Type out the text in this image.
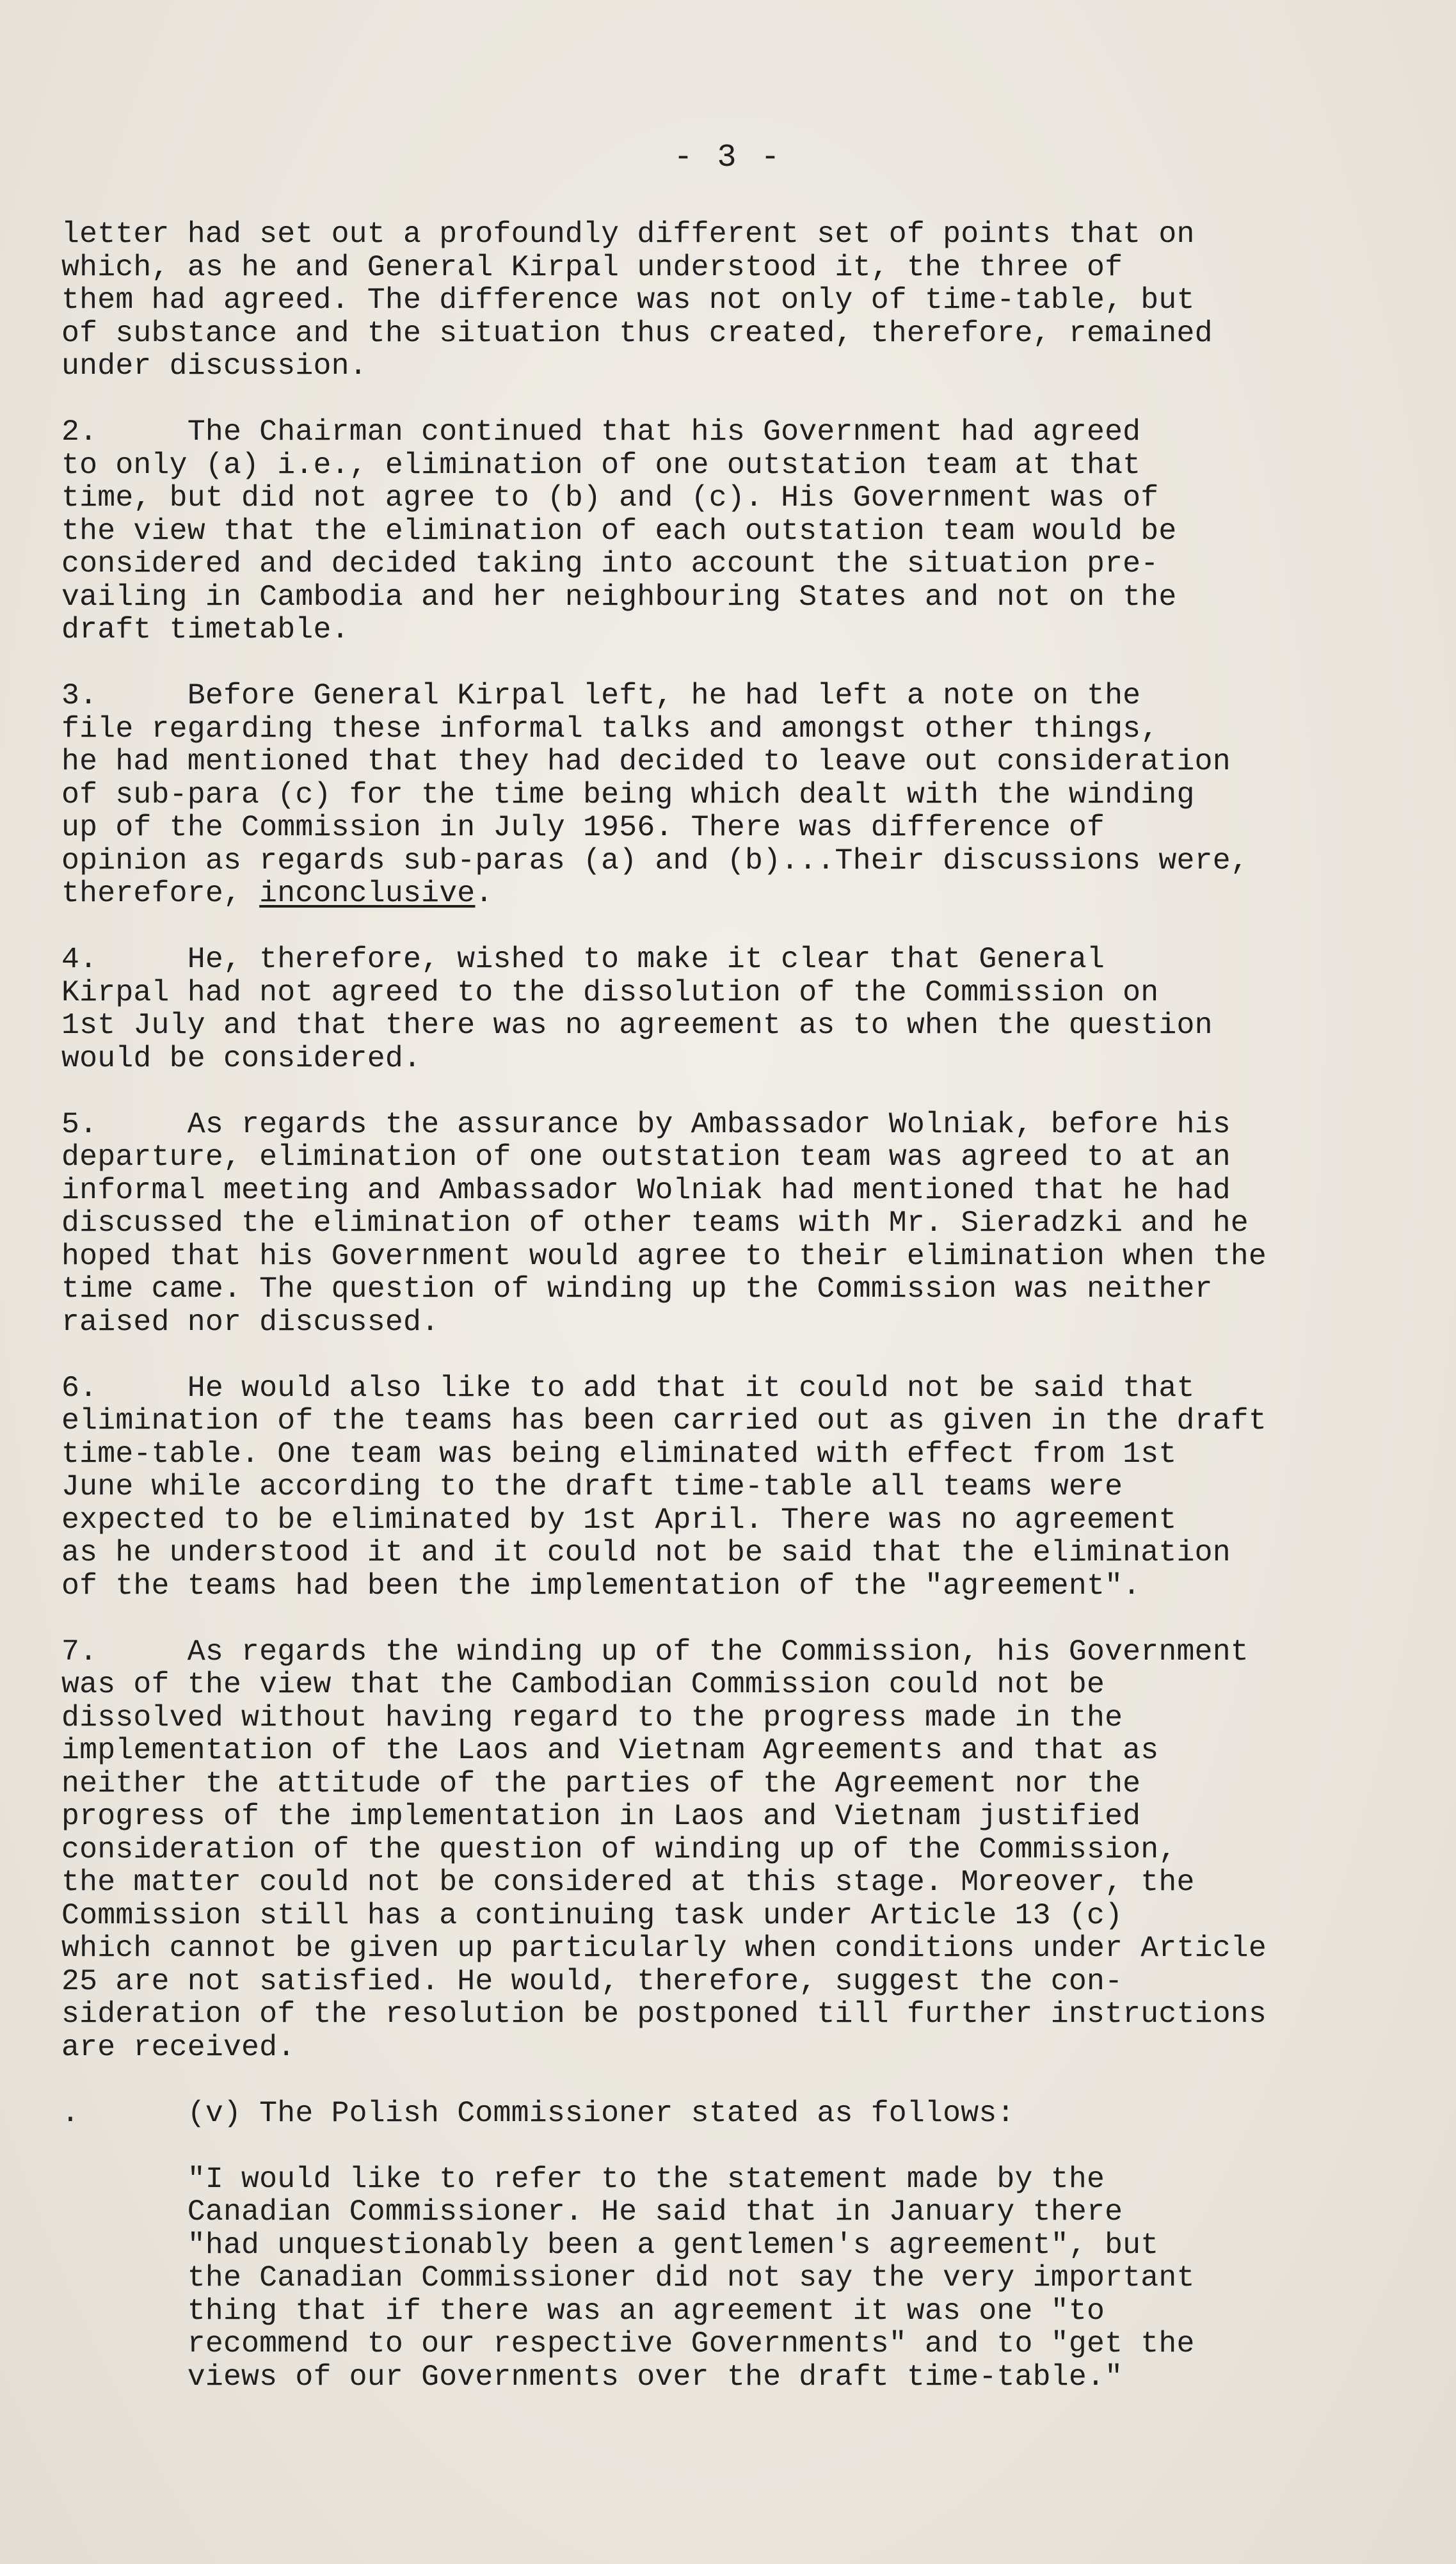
- 3 -

letter had set out a profoundly different set of points that on
which, as he and General Kirpal understood it, the three of
them had agreed. The difference was not only of time-table, but
of substance and the situation thus created, therefore, remained
under discussion.

2.     The Chairman continued that his Government had agreed
to only (a) i.e., elimination of one outstation team at that
time, but did not agree to (b) and (c). His Government was of
the view that the elimination of each outstation team would be
considered and decided taking into account the situation pre-
vailing in Cambodia and her neighbouring States and not on the
draft timetable.

3.     Before General Kirpal left, he had left a note on the
file regarding these informal talks and amongst other things,
he had mentioned that they had decided to leave out consideration
of sub-para (c) for the time being which dealt with the winding
up of the Commission in July 1956. There was difference of
opinion as regards sub-paras (a) and (b)...Their discussions were,
therefore, inconclusive.

4.     He, therefore, wished to make it clear that General
Kirpal had not agreed to the dissolution of the Commission on
1st July and that there was no agreement as to when the question
would be considered.

5.     As regards the assurance by Ambassador Wolniak, before his
departure, elimination of one outstation team was agreed to at an
informal meeting and Ambassador Wolniak had mentioned that he had
discussed the elimination of other teams with Mr. Sieradzki and he
hoped that his Government would agree to their elimination when the
time came. The question of winding up the Commission was neither
raised nor discussed.

6.     He would also like to add that it could not be said that
elimination of the teams has been carried out as given in the draft
time-table. One team was being eliminated with effect from 1st
June while according to the draft time-table all teams were
expected to be eliminated by 1st April. There was no agreement
as he understood it and it could not be said that the elimination
of the teams had been the implementation of the "agreement".

7.     As regards the winding up of the Commission, his Government
was of the view that the Cambodian Commission could not be
dissolved without having regard to the progress made in the
implementation of the Laos and Vietnam Agreements and that as
neither the attitude of the parties of the Agreement nor the
progress of the implementation in Laos and Vietnam justified
consideration of the question of winding up of the Commission,
the matter could not be considered at this stage. Moreover, the
Commission still has a continuing task under Article 13 (c)
which cannot be given up particularly when conditions under Article
25 are not satisfied. He would, therefore, suggest the con-
sideration of the resolution be postponed till further instructions
are received.

.      (v) The Polish Commissioner stated as follows:

"I would like to refer to the statement made by the
Canadian Commissioner. He said that in January there
"had unquestionably been a gentlemen's agreement", but
the Canadian Commissioner did not say the very important
thing that if there was an agreement it was one "to
recommend to our respective Governments" and to "get the
views of our Governments over the draft time-table."
